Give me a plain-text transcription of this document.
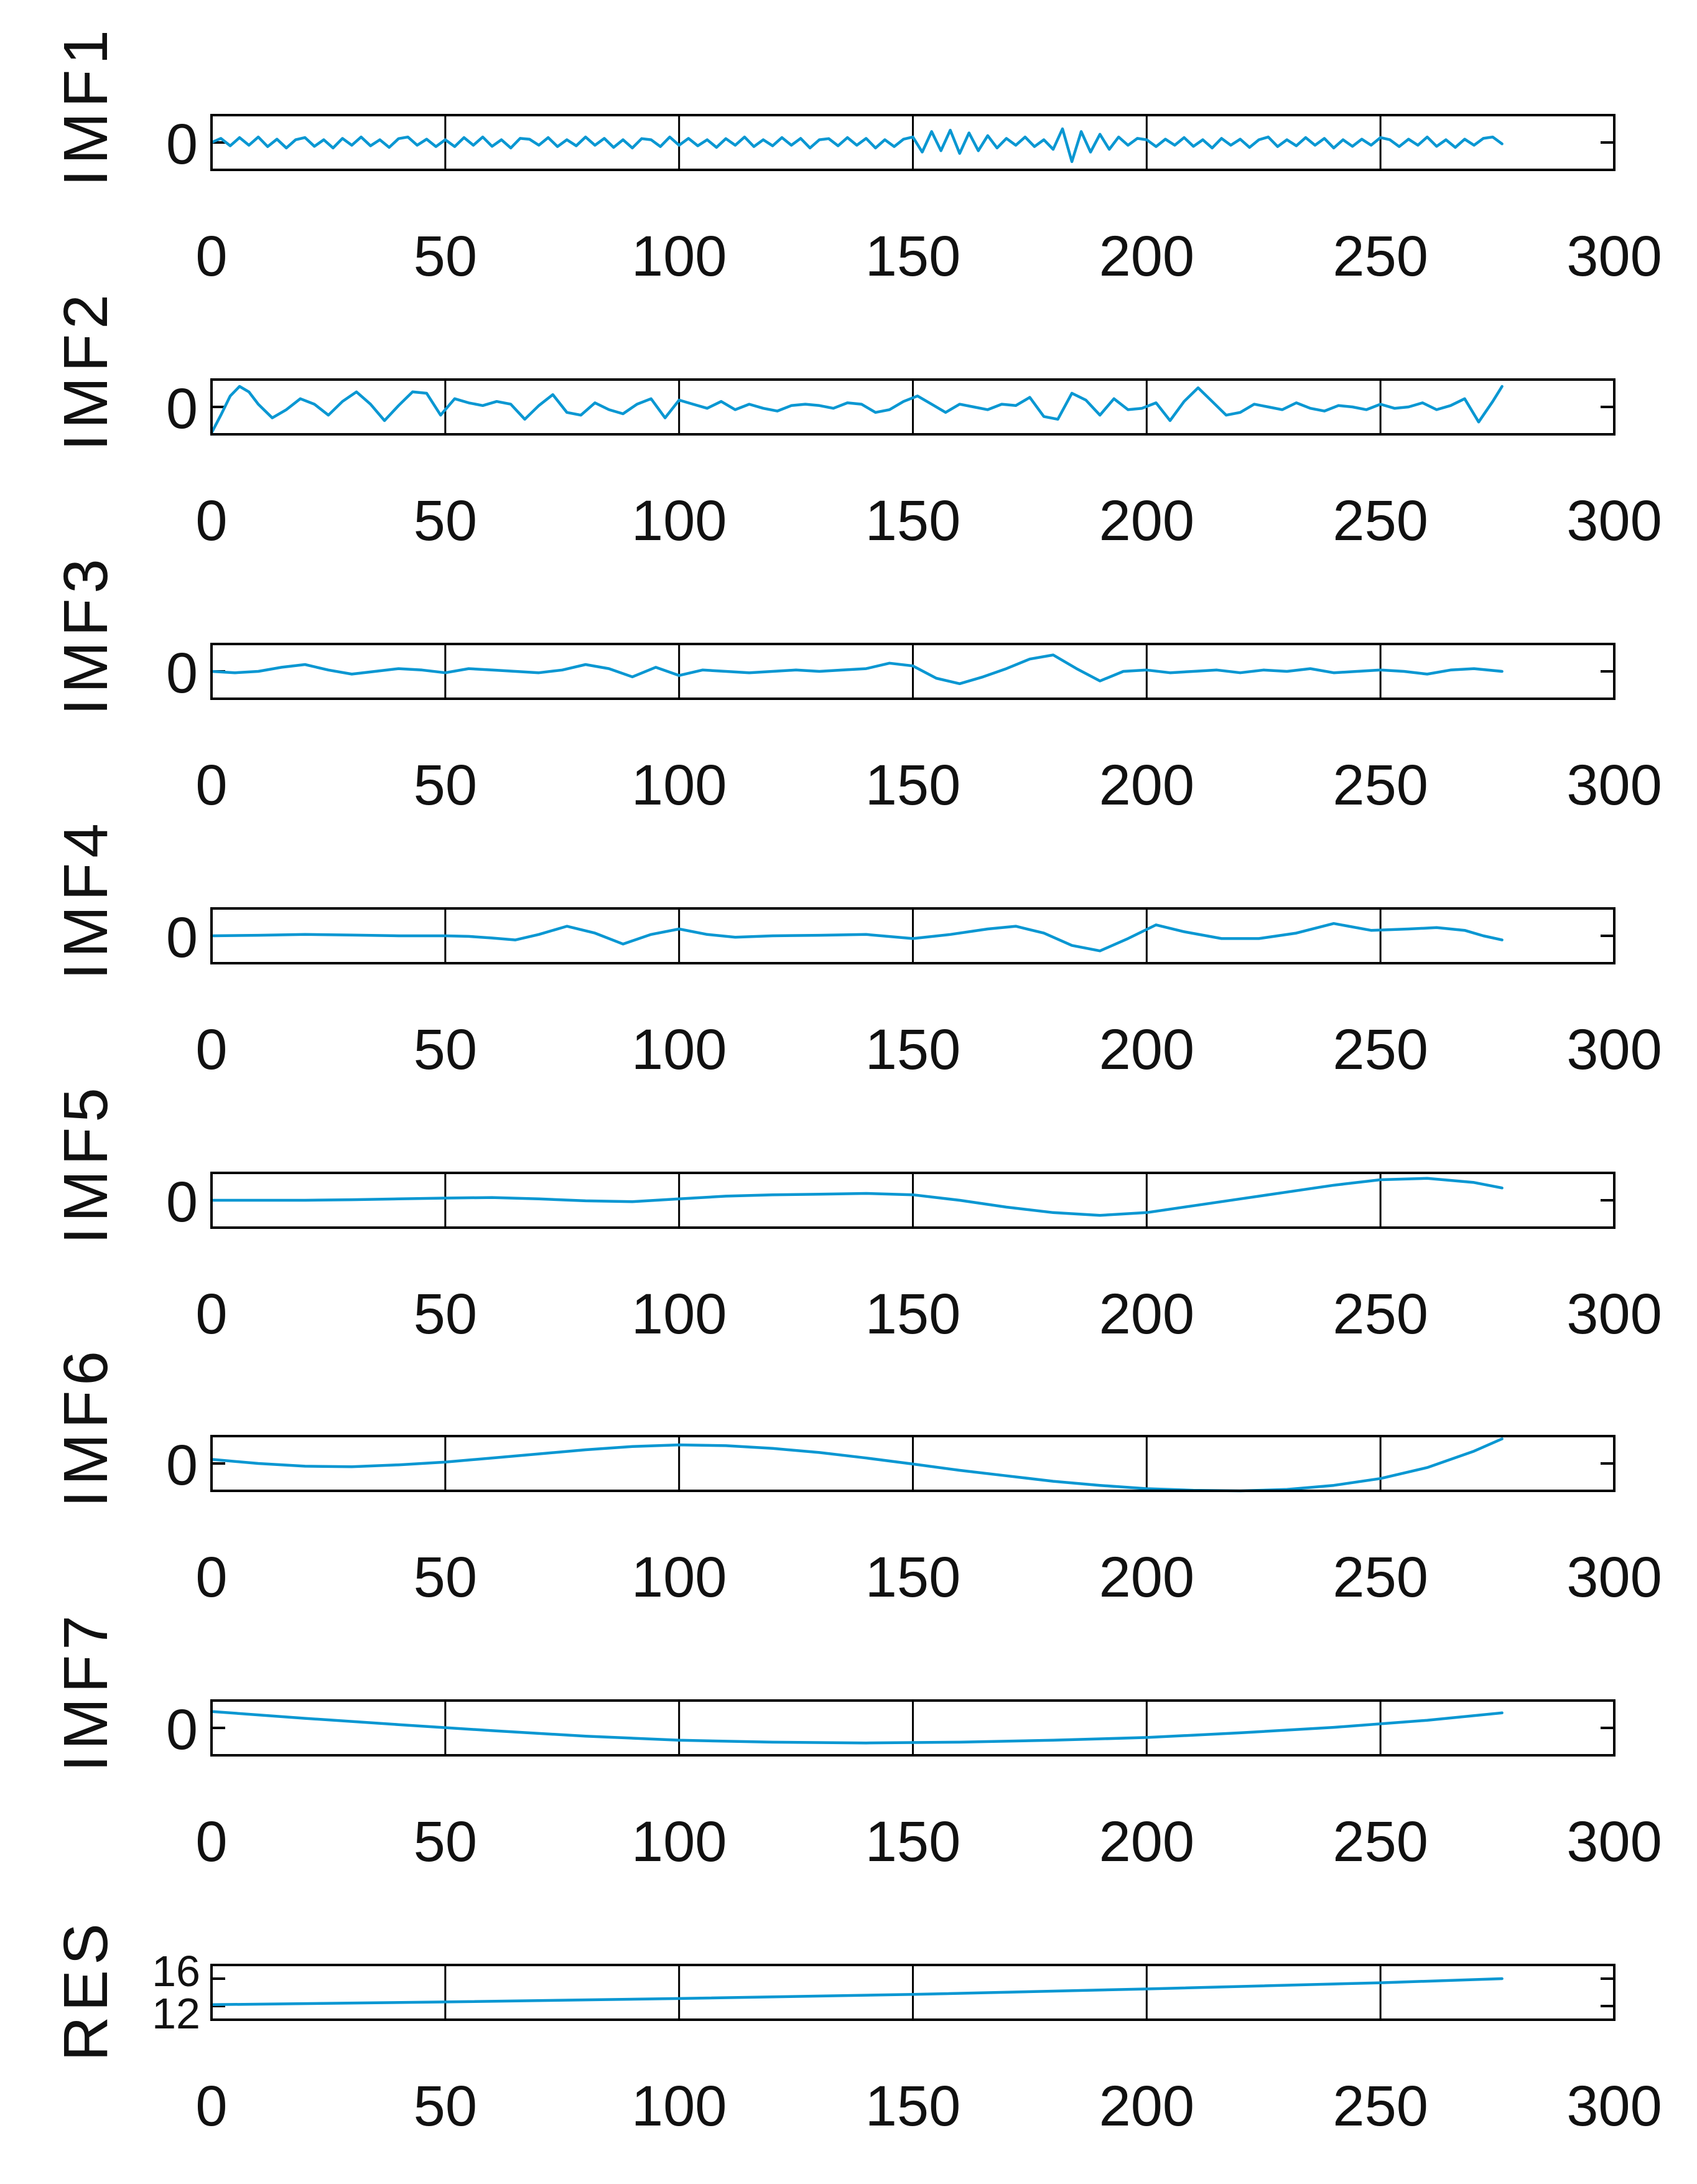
0
0	50	100 150 200 250 300
IMF1
0
0	50	100 150 200 250 300
IMF2
0
0	50	100 150 200 250 300
IMF3
0
0	50	100 150 200 250 300
IMF4
0
0	50	100 150 200 250 300
IMF5
0
0	50	100 150 200 250 300
IMF6
0
0	50	100 150 200 250 300
IMF7
12
16
0	50	100 150 200 250 300
RES
